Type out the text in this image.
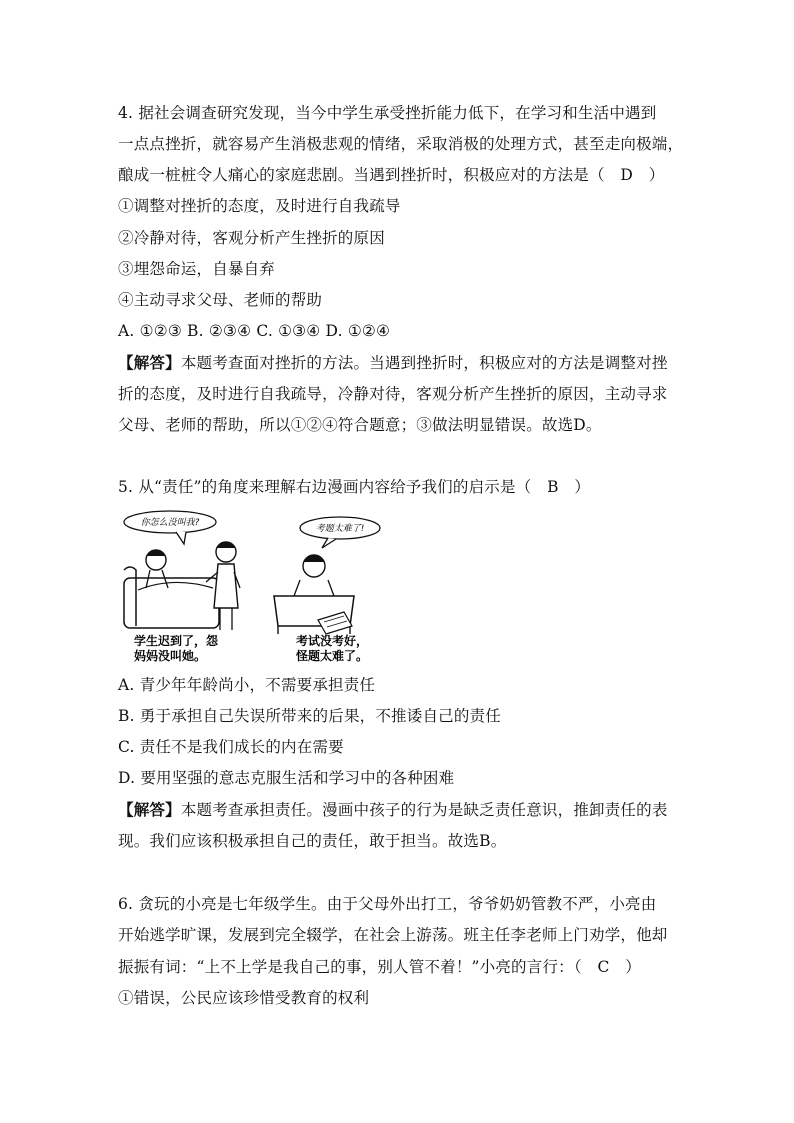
4. 据社会调查研究发现，当今中学生承受挫折能力低下，在学习和生活中遇到
一点点挫折，就容易产生消极悲观的情绪，采取消极的处理方式，甚至走向极端，
酿成一桩桩令人痛心的家庭悲剧。当遇到挫折时，积极应对的方法是（　D　）
①调整对挫折的态度，及时进行自我疏导
②冷静对待，客观分析产生挫折的原因
③埋怨命运，自暴自弃
④主动寻求父母、老师的帮助
A. ①②③ B. ②③④ C. ①③④ D. ①②④
【解答】本题考查面对挫折的方法。当遇到挫折时，积极应对的方法是调整对挫
折的态度，及时进行自我疏导，冷静对待，客观分析产生挫折的原因，主动寻求
父母、老师的帮助，所以①②④符合题意；③做法明显错误。故选D。
5. 从“责任”的角度来理解右边漫画内容给予我们的启示是（　B　）
你怎么没叫我?
考题太难了!
学生迟到了，怨
妈妈没叫她。
考试没考好，
怪题太难了。
A. 青少年年龄尚小，不需要承担责任
B. 勇于承担自己失误所带来的后果，不推诿自己的责任
C. 责任不是我们成长的内在需要
D. 要用坚强的意志克服生活和学习中的各种困难
【解答】本题考查承担责任。漫画中孩子的行为是缺乏责任意识，推卸责任的表
现。我们应该积极承担自己的责任，敢于担当。故选B。
6. 贪玩的小亮是七年级学生。由于父母外出打工，爷爷奶奶管教不严，小亮由
开始逃学旷课，发展到完全辍学，在社会上游荡。班主任李老师上门劝学，他却
振振有词：“上不上学是我自己的事，别人管不着！”小亮的言行：（　C　）
①错误，公民应该珍惜受教育的权利
